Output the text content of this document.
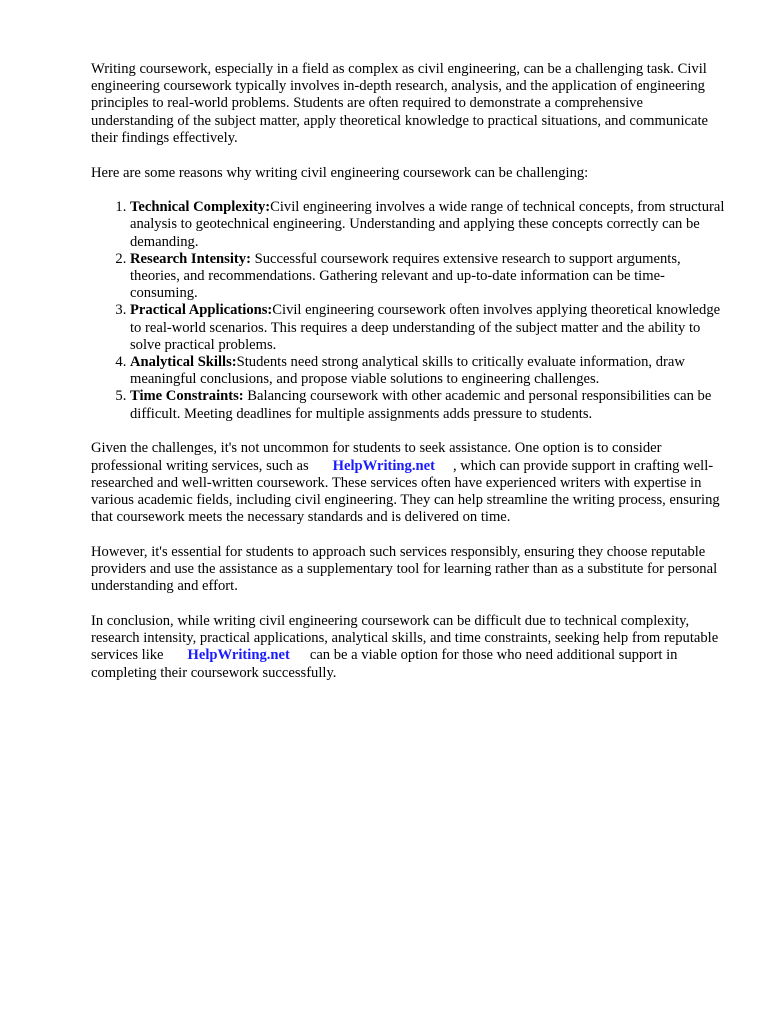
Writing coursework, especially in a field as complex as civil engineering, can be a challenging task. Civil engineering coursework typically involves in-depth research, analysis, and the application of engineering principles to real-world problems. Students are often required to demonstrate a comprehensive understanding of the subject matter, apply theoretical knowledge to practical situations, and communicate their findings effectively.

Here are some reasons why writing civil engineering coursework can be challenging:

1. Technical Complexity:Civil engineering involves a wide range of technical concepts, from structural analysis to geotechnical engineering. Understanding and applying these concepts correctly can be demanding.
2. Research Intensity: Successful coursework requires extensive research to support arguments, theories, and recommendations. Gathering relevant and up-to-date information can be time-consuming.
3. Practical Applications:Civil engineering coursework often involves applying theoretical knowledge to real-world scenarios. This requires a deep understanding of the subject matter and the ability to solve practical problems.
4. Analytical Skills:Students need strong analytical skills to critically evaluate information, draw meaningful conclusions, and propose viable solutions to engineering challenges.
5. Time Constraints: Balancing coursework with other academic and personal responsibilities can be difficult. Meeting deadlines for multiple assignments adds pressure to students.

Given the challenges, it's not uncommon for students to seek assistance. One option is to consider professional writing services, such as HelpWriting.net , which can provide support in crafting well-researched and well-written coursework. These services often have experienced writers with expertise in various academic fields, including civil engineering. They can help streamline the writing process, ensuring that coursework meets the necessary standards and is delivered on time.

However, it's essential for students to approach such services responsibly, ensuring they choose reputable providers and use the assistance as a supplementary tool for learning rather than as a substitute for personal understanding and effort.

In conclusion, while writing civil engineering coursework can be difficult due to technical complexity, research intensity, practical applications, analytical skills, and time constraints, seeking help from reputable services like HelpWriting.net can be a viable option for those who need additional support in completing their coursework successfully.
